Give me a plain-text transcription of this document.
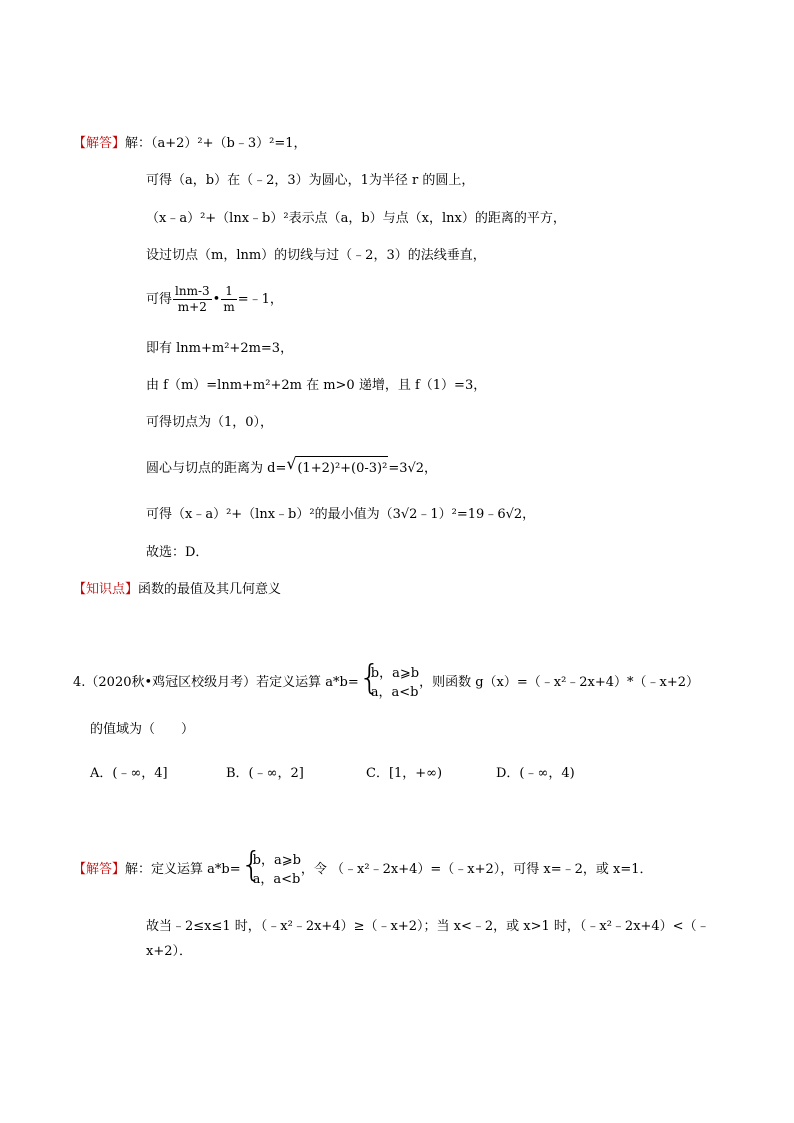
【解答】解：（a+2）²+（b﹣3）²=1，
可得（a，b）在（﹣2，3）为圆心，1为半径 r 的圆上，
（x﹣a）²+（lnx﹣b）²表示点（a，b）与点（x，lnx）的距离的平方，
设过切点（m，lnm）的切线与过（﹣2，3）的法线垂直，
可得 $\frac{\ln m-3}{m+2}$ • $\frac{1}{m}$ =﹣1，
即有 lnm+m²+2m=3，
由 f（m）=lnm+m²+2m 在 m>0 递增，且 f（1）=3，
可得切点为（1，0），
圆心与切点的距离为 d= √ (1+2)²+(0-3)²=3√2，
可得（x﹣a）²+（lnx﹣b）²的最小值为（3√2﹣1）²=19﹣6√2，
故选：D．
【知识点】函数的最值及其几何意义
4.（2020秋•鸡冠区校级月考）若定义运算 a*b= {
b，a⩾b
a，a<b
，则函数 g（x）=（﹣x²﹣2x+4）*（﹣x+2）
的值域为（　　）
A．(﹣∞，4]	B．(﹣∞，2]	C．[1，+∞)	D．(﹣∞，4)
【解答】解：定义运算 a*b= {
b，a⩾b
a，a<b
，令 （﹣x²﹣2x+4）=（﹣x+2），可得 x=﹣2，或 x=1．
故当﹣2≤x≤1 时，（﹣x²﹣2x+4）≥（﹣x+2）；当 x<﹣2，或 x>1 时，（﹣x²﹣2x+4）<（﹣
x+2）．
